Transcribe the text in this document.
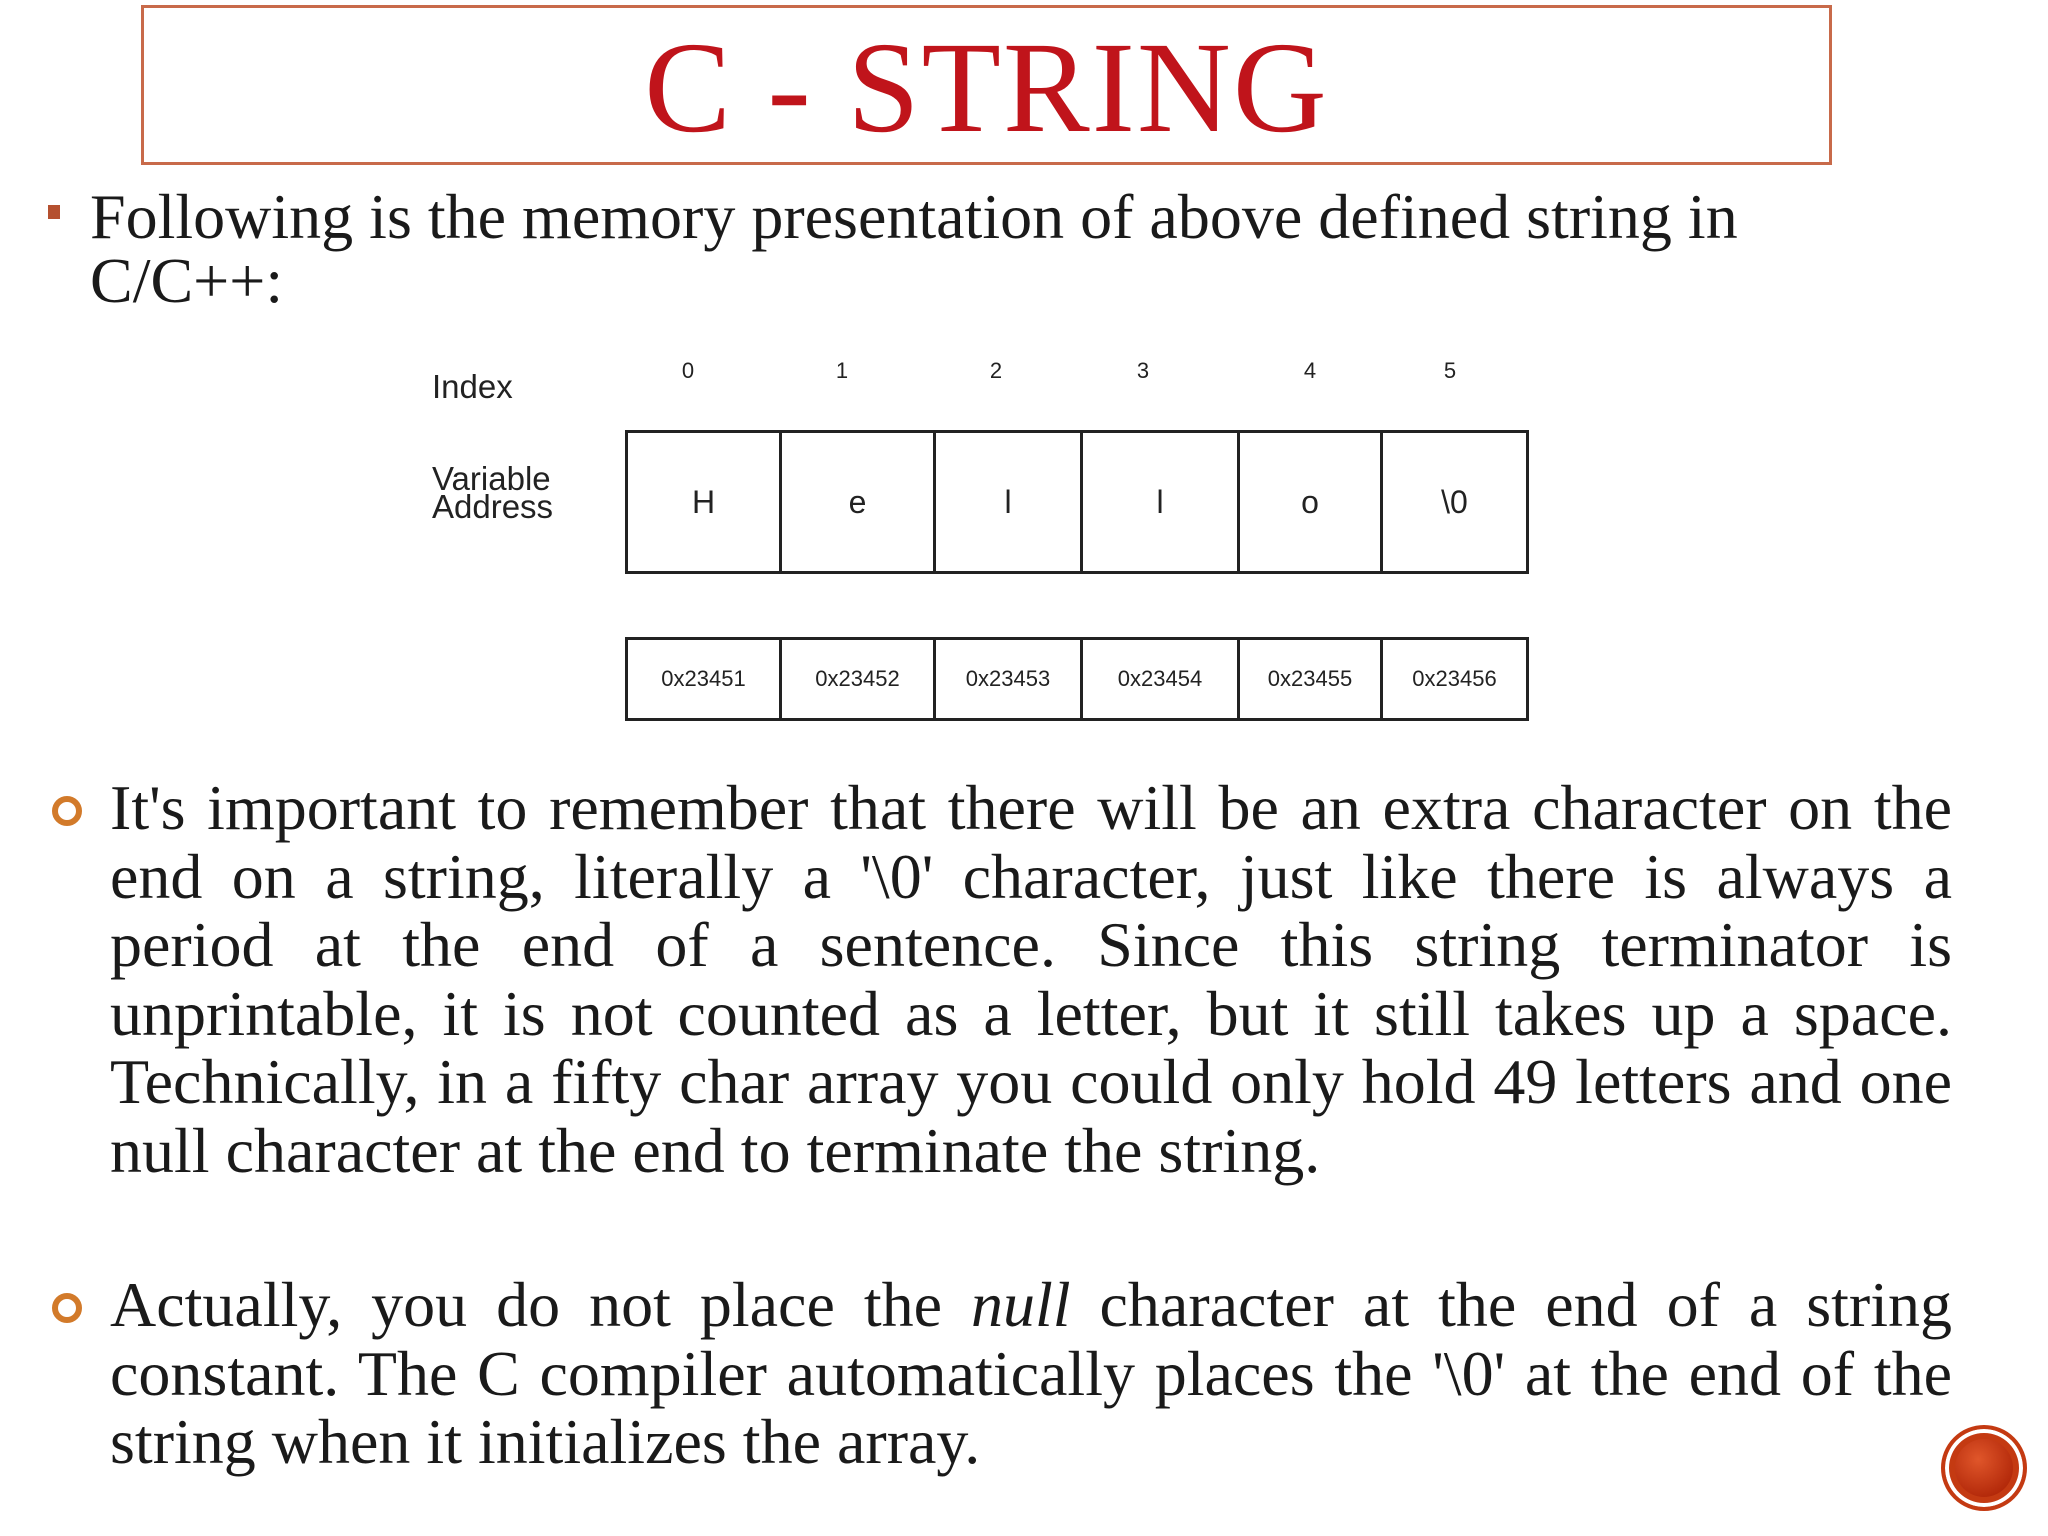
C - STRING
Following is the memory presentation of above defined string in C/C++:
Index
Variable
Address
0	1	2	3	4	5
H	e	l	l	o	\0
0x23451	0x23452	0x23453	0x23454	0x23455	0x23456
It's important to remember that there will be an extra character on the end on a string, literally a '\0' character, just like there is always a period at the end of a sentence. Since this string terminator is unprintable, it is not counted as a letter, but it still takes up a space. Technically, in a fifty char array you could only hold 49 letters and one null character at the end to terminate the string.
Actually, you do not place the null character at the end of a string constant. The C compiler automatically places the '\0' at the end of the string when it initializes the array.
